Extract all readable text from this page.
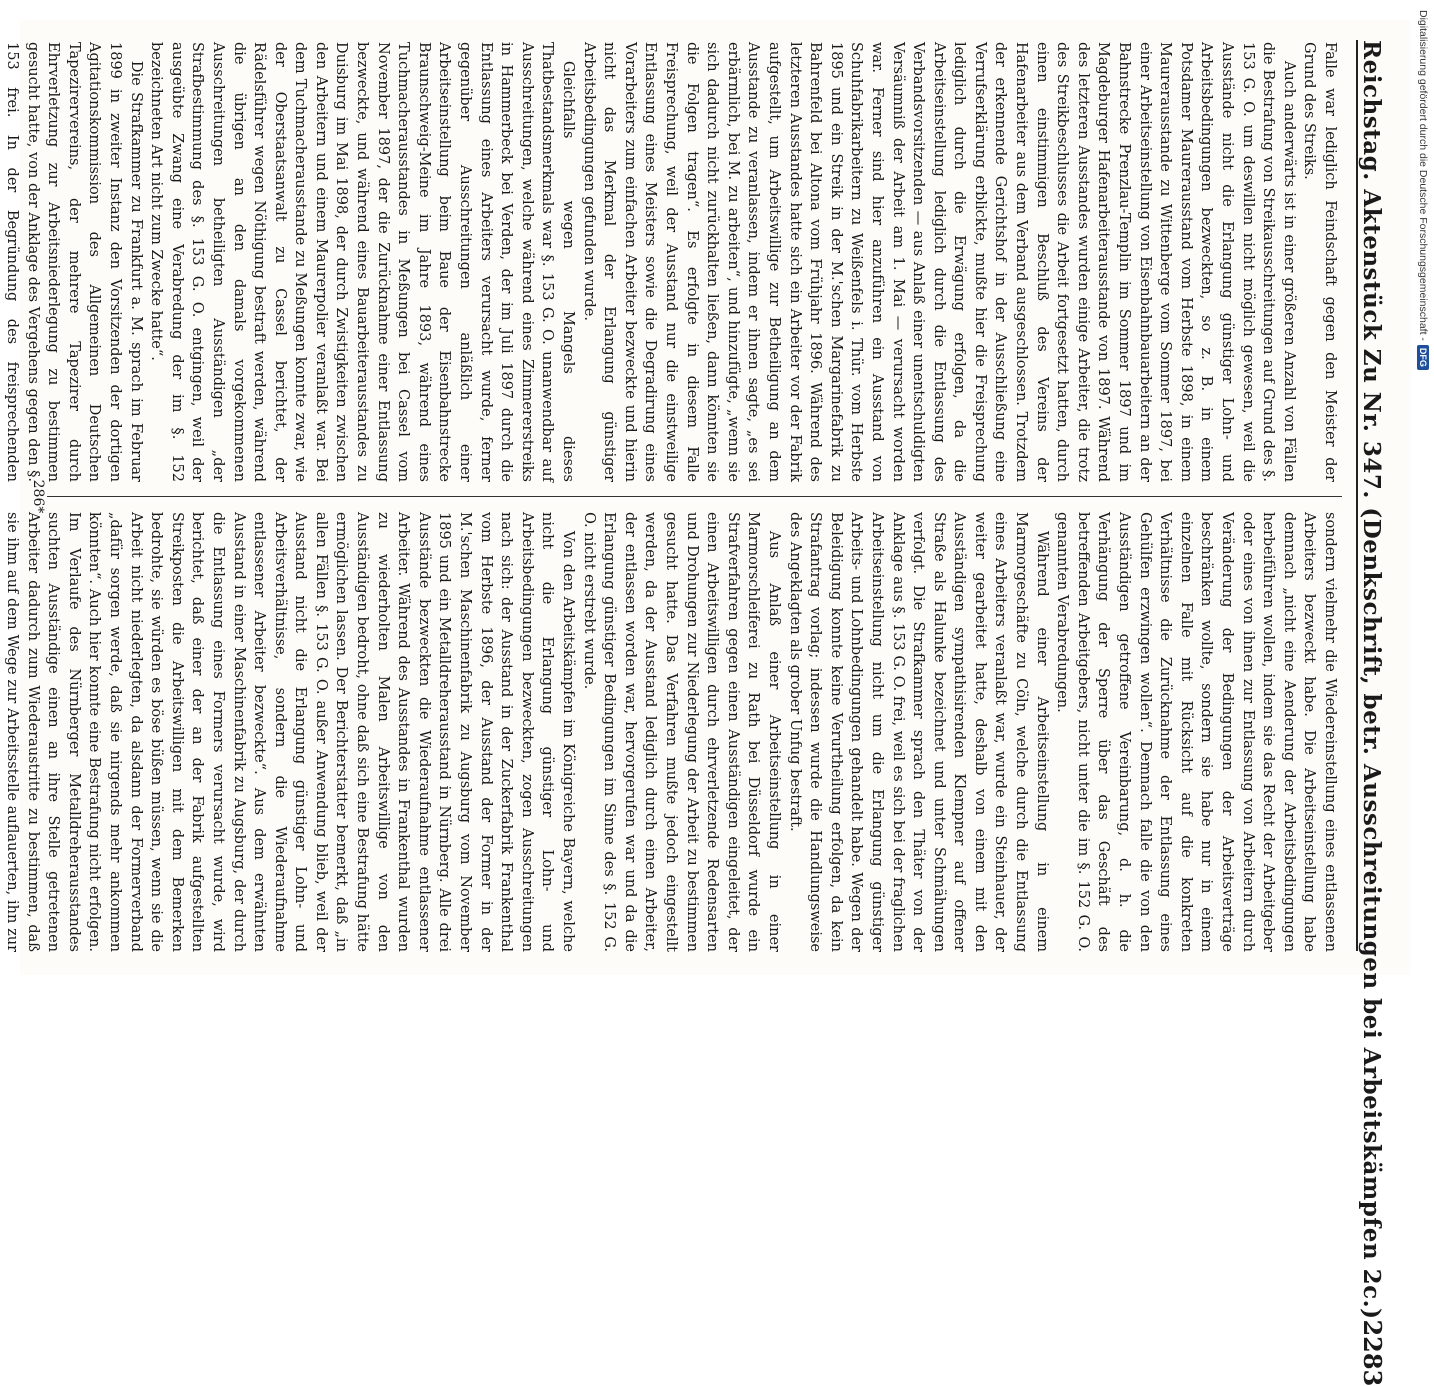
Reichstag. Aktenstück Zu Nr. 347. (Denkschrift, betr. Ausschreitungen bei Arbeitskämpfen 2c.)
2283

Falle war lediglich Feindschaft gegen den Meister der Grund des Streiks.

Auch anderwärts ist in einer größeren Anzahl von Fällen die Bestrafung von Streikausschreitungen auf Grund des §. 153 G. O. um deswillen nicht möglich gewesen, weil die Ausstände nicht die Erlangung günstiger Lohn- und Arbeitsbedingungen bezweckten, so z. B. in einem Potsdamer Maurerausstand vom Herbste 1898, in einem Maurerausstande zu Wittenberge vom Sommer 1897, bei einer Arbeitseinstellung von Eisenbahnbauarbeitern an der Bahnstrecke Prenzlau-Templin im Sommer 1897 und im Magdeburger Hafenarbeiterausstande von 1897. Während des letzteren Ausstandes wurden einige Arbeiter, die trotz des Streikbeschlusses die Arbeit fortgesetzt hatten, durch einen einstimmigen Beschluß des Vereins der Hafenarbeiter aus dem Verband ausgeschlossen. Trotzdem der erkennende Gerichtshof in der Ausschließung eine Verrufserklärung erblickte, mußte hier die Freisprechung lediglich durch die Erwägung erfolgen, da die Arbeitseinstellung lediglich durch die Entlassung des Verbandsvorsitzenden — aus Anlaß einer unentschuldigten Versäumniß der Arbeit am 1. Mai — verursacht worden war. Ferner sind hier anzuführen ein Ausstand von Schuhfabrikarbeitern zu Weißenfels i. Thür. vom Herbste 1895 und ein Streik in der M.'schen Margarinefabrik zu Bahrenfeld bei Altona vom Frühjahr 1896. Während des letzteren Ausstandes hatte sich ein Arbeiter vor der Fabrik aufgestellt, um Arbeitswillige zur Betheiligung an dem Ausstande zu veranlassen, indem er ihnen sagte, „es sei erbärmlich, bei M. zu arbeiten“, und hinzufügte, „wenn sie sich dadurch nicht zurückhalten ließen, dann könnten sie die Folgen tragen“. Es erfolgte in diesem Falle Freisprechung, weil der Ausstand nur die einstweilige Entlassung eines Meisters sowie die Degradirung eines Vorarbeiters zum einfachen Arbeiter bezweckte und hierin nicht das Merkmal der Erlangung günstiger Arbeitsbedingungen gefunden wurde.

Gleichfalls wegen Mangels dieses Thatbestandsmerkmals war §. 153 G. O. unanwendbar auf Ausschreitungen, welche während eines Zimmererstreiks in Hammerbeck bei Verden, der im Juli 1897 durch die Entlassung eines Arbeiters verursacht wurde, ferner gegenüber Ausschreitungen anläßlich einer Arbeitseinstellung beim Baue der Eisenbahnstrecke Braunschweig-Meine im Jahre 1893, während eines Tuchmacherausstandes in Meßungen bei Cassel vom November 1897, der die Zurücknahme einer Entlassung bezweckte, und während eines Bauarbeiterausstandes zu Duisburg im Mai 1898, der durch Zwistigkeiten zwischen den Arbeitern und einem Maurerpolier veranlaßt war. Bei dem Tuchmacherausstande zu Meßungen konnte zwar, wie der Oberstaatsanwalt zu Cassel berichtet, der Rädelsführer wegen Nöthigung bestraft werden, während die übrigen an den damals vorgekommenen Ausschreitungen betheiligten Ausständigen „der Strafbestimmung des §. 153 G. O. entgingen, weil der ausgeübte Zwang eine Verabredung der im §. 152 bezeichneten Art nicht zum Zwecke hatte“.

Die Strafkammer zu Frankfurt a. M. sprach im Februar 1899 in zweiter Instanz den Vorsitzenden der dortigen Agitationskommission des Allgemeinen Deutschen Tapezirervereins, der mehrere Tapezirer durch Ehrverletzung zur Arbeitsniederlegung zu bestimmen gesucht hatte, von der Anklage des Vergehens gegen den §. 153 frei. In der Begründung des freisprechenden

sondern vielmehr die Wiedereinstellung eines entlassenen Arbeiters bezweckt habe. Die Arbeitseinstellung habe demnach „nicht eine Aenderung der Arbeitsbedingungen herbeiführen wollen, indem sie das Recht der Arbeitgeber oder eines von ihnen zur Entlassung von Arbeitern durch Veränderung der Bedingungen der Arbeitsverträge beschränken wollte, sondern sie habe nur in einem einzelnen Falle mit Rücksicht auf die konkreten Verhältnisse die Zurücknahme der Entlassung eines Gehülfen erzwingen wollen“. Demnach falle die von den Ausständigen getroffene Vereinbarung, d. h. die Verhängung der Sperre über das Geschäft des betreffenden Arbeitgebers, nicht unter die im §. 152 G. O. genannten Verabredungen.

Während einer Arbeitseinstellung in einem Marmorgeschäfte zu Cöln, welche durch die Entlassung eines Arbeiters veranlaßt war, wurde ein Steinhauer, der weiter gearbeitet hatte, deshalb von einem mit den Ausständigen sympathisirenden Klempner auf offener Straße als Halunke bezeichnet und unter Schmähungen verfolgt. Die Strafkammer sprach den Thäter von der Anklage aus §. 153 G. O. frei, weil es sich bei der fraglichen Arbeitseinstellung nicht um die Erlangung günstiger Arbeits- und Lohnbedingungen gehandelt habe. Wegen der Beleidigung konnte keine Verurtheilung erfolgen, da kein Strafantrag vorlag; indessen wurde die Handlungsweise des Angeklagten als grober Unfug bestraft.

Aus Anlaß einer Arbeitseinstellung in einer Marmorschleiferei zu Rath bei Düsseldorf wurde ein Strafverfahren gegen einen Ausständigen eingeleitet, der einen Arbeitswilligen durch ehrverletzende Redensarten und Drohungen zur Niederlegung der Arbeit zu bestimmen gesucht hatte. Das Verfahren mußte jedoch eingestellt werden, da der Ausstand lediglich durch einen Arbeiter, der entlassen worden war, hervorgerufen war und da die Erlangung günstiger Bedingungen im Sinne des §. 152 G. O. nicht erstrebt wurde.

Von den Arbeitskämpfen im Königreiche Bayern, welche nicht die Erlangung günstiger Lohn- und Arbeitsbedingungen bezweckten, zogen Ausschreitungen nach sich: der Ausstand in der Zuckerfabrik Frankenthal vom Herbste 1896, der Ausstand der Former in der M.'schen Maschinenfabrik zu Augsburg vom November 1895 und ein Metalldreherausstand in Nürnberg. Alle drei Ausstände bezweckten die Wiederaufnahme entlassener Arbeiter. Während des Ausstandes in Frankenthal wurden zu wiederholten Malen Arbeitswillige von den Ausständigen bedroht, ohne daß sich eine Bestrafung hätte ermöglichen lassen. Der Berichterstatter bemerkt, daß „in allen Fällen §. 153 G. O. außer Anwendung blieb, weil der Ausstand nicht die Erlangung günstiger Lohn- und Arbeitsverhältnisse, sondern die Wiederaufnahme entlassener Arbeiter bezweckte“. Aus dem erwähnten Ausstand in einer Maschinenfabrik zu Augsburg, der durch die Entlassung eines Formers verursacht wurde, wird berichtet, daß einer der an der Fabrik aufgestellten Streikposten die Arbeitswilligen mit dem Bemerken bedrohte, sie würden es böse büßen müssen, wenn sie die Arbeit nicht niederlegten, da alsdann der Formerverband „dafür sorgen werde, daß sie nirgends mehr ankommen könnten“. Auch hier konnte eine Bestrafung nicht erfolgen. Im Verlaufe des Nürnberger Metalldreherausstandes suchten Ausständige einen an ihre Stelle getretenen Arbeiter dadurch zum Wiederaustritte zu bestimmen, daß sie ihm auf dem Wege zur Arbeitsstelle auflauerten, ihn zur

286*
Digitalisierung gefördert durch die Deutsche Forschungsgemeinschaft -
DFG
